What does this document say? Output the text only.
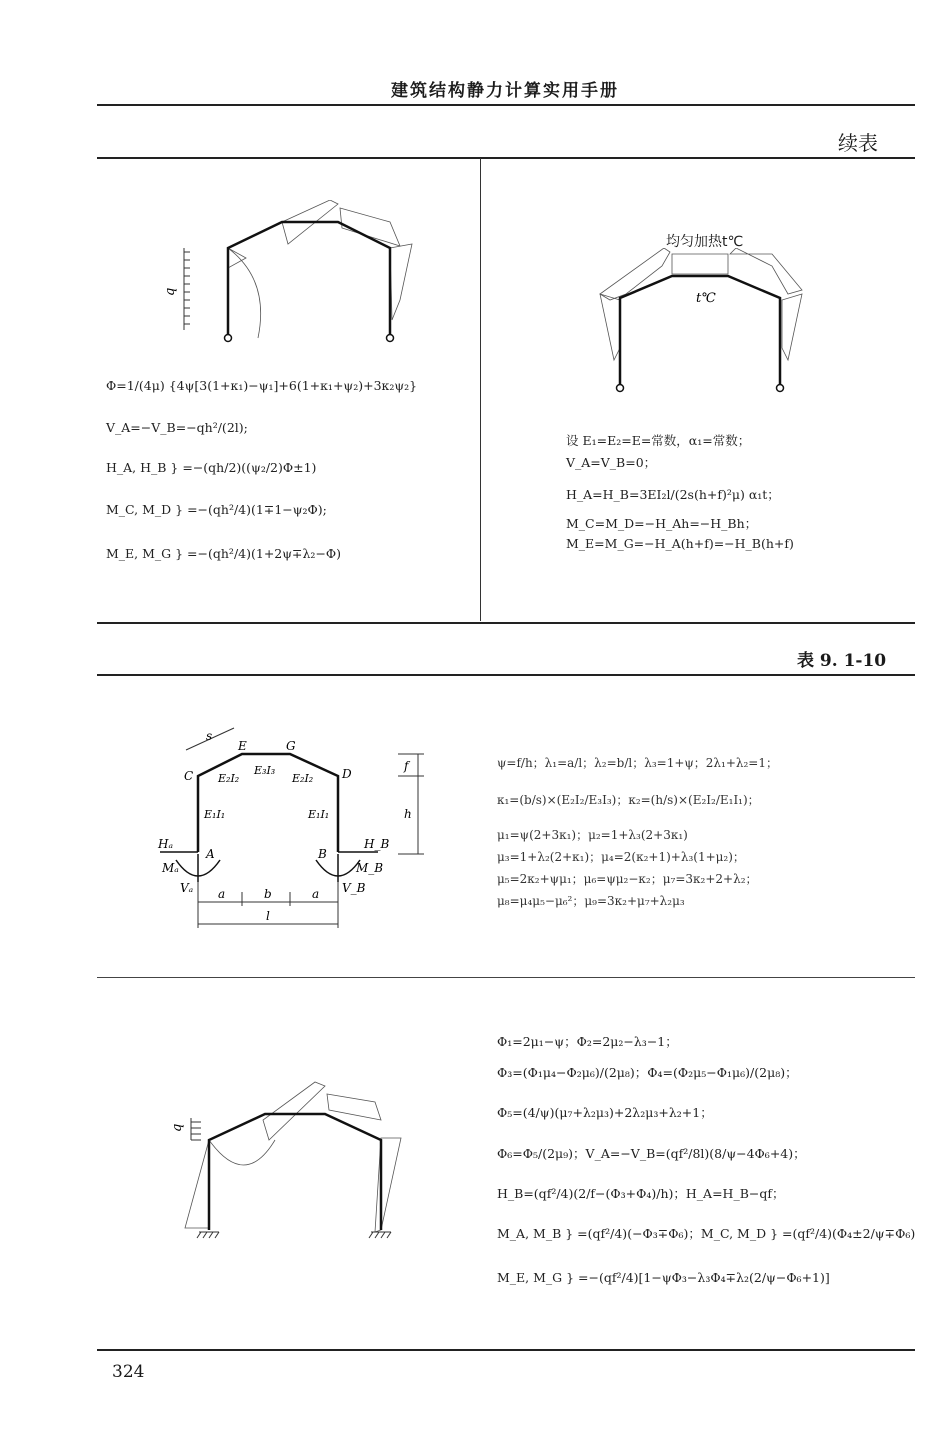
建筑结构静力计算实用手册
续表
q
Φ=1/(4μ) {4ψ[3(1+κ₁)−ψ₁]+6(1+κ₁+ψ₂)+3κ₂ψ₂}
V_A=−V_B=−qh²/(2l);
H_A, H_B } =−(qh/2)((ψ₂/2)Φ±1)
M_C, M_D } =−(qh²/4)(1∓1−ψ₂Φ);
M_E, M_G } =−(qh²/4)(1+2ψ∓λ₂−Φ)
均匀加热t℃
t℃
设 E₁=E₂=E=常数，α₁=常数；
V_A=V_B=0；
H_A=H_B=3EI₂l/(2s(h+f)²μ) α₁t；
M_C=M_D=−H_Ah=−H_Bh；
M_E=M_G=−H_A(h+f)=−H_B(h+f)
表 9. 1-10
s
E	G
C	D
E₂I₂
E₃I₃
E₂I₂
E₁I₁	E₁I₁
Hₐ
A
Mₐ
Vₐ
B
H_B
M_B
V_B
a	b	a
l
f
h
ψ=f/h；λ₁=a/l；λ₂=b/l；λ₃=1+ψ；2λ₁+λ₂=1；
κ₁=(b/s)×(E₂I₂/E₃I₃)；κ₂=(h/s)×(E₂I₂/E₁I₁)；
μ₁=ψ(2+3κ₁)；μ₂=1+λ₃(2+3κ₁)
μ₃=1+λ₂(2+κ₁)；μ₄=2(κ₂+1)+λ₃(1+μ₂)；
μ₅=2κ₂+ψμ₁；μ₆=ψμ₂−κ₂；μ₇=3κ₂+2+λ₂；
μ₈=μ₄μ₅−μ₆²；μ₉=3κ₂+μ₇+λ₂μ₃
q
Φ₁=2μ₁−ψ；Φ₂=2μ₂−λ₃−1；
Φ₃=(Φ₁μ₄−Φ₂μ₆)/(2μ₈)；Φ₄=(Φ₂μ₅−Φ₁μ₆)/(2μ₈)；
Φ₅=(4/ψ)(μ₇+λ₂μ₃)+2λ₂μ₃+λ₂+1；
Φ₆=Φ₅/(2μ₉)；V_A=−V_B=(qf²/8l)(8/ψ−4Φ₆+4)；
H_B=(qf²/4)(2/f−(Φ₃+Φ₄)/h)；H_A=H_B−qf；
M_A, M_B } =(qf²/4)(−Φ₃∓Φ₆)；M_C, M_D } =(qf²/4)(Φ₄±2/ψ∓Φ₆)
M_E, M_G } =−(qf²/4)[1−ψΦ₃−λ₃Φ₄∓λ₂(2/ψ−Φ₆+1)]
324
